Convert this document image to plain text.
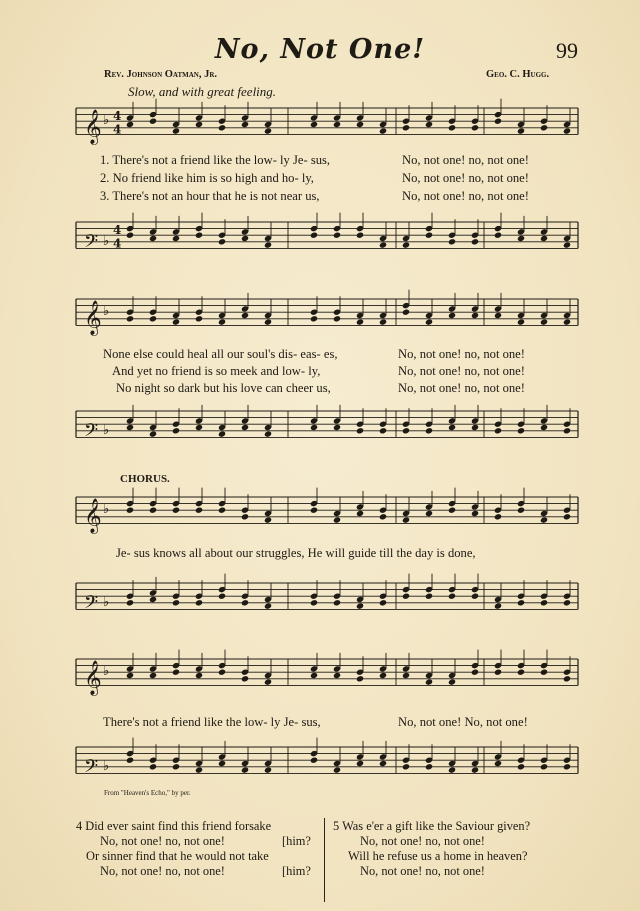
No, Not One!	99
Rev. Johnson Oatman, Jr.	Geo. C. Hugg.
Slow, and with great feeling.
𝄞 ♭
4
4
𝄢 ♭ 4
4
𝄞 ♭
𝄢 ♭
𝄞 ♭
𝄢 ♭
𝄞 ♭
𝄢 ♭
1. There's not a friend like the low- ly Je- sus,	No, not one! no, not one!
2. No friend like him is so high and ho- ly,	No, not one! no, not one!
3. There's not an hour that he is not near us,	No, not one! no, not one!
None else could heal all our soul's dis- eas- es,	No, not one! no, not one!
And yet no friend is so meek and low- ly,	No, not one! no, not one!
No night so dark but his love can cheer us,	No, not one! no, not one!
CHORUS.
Je- sus knows all about our struggles, He will guide till the day is done,
There's not a friend like the low- ly Je- sus,	No, not one! No, not one!
From "Heaven's Echo," by per.
4 Did ever saint find this friend forsake
No, not one! no, not one!	[him?
Or sinner find that he would not take
No, not one! no, not one!	[him?
5 Was e'er a gift like the Saviour given?
No, not one! no, not one!
Will he refuse us a home in heaven?
No, not one! no, not one!
